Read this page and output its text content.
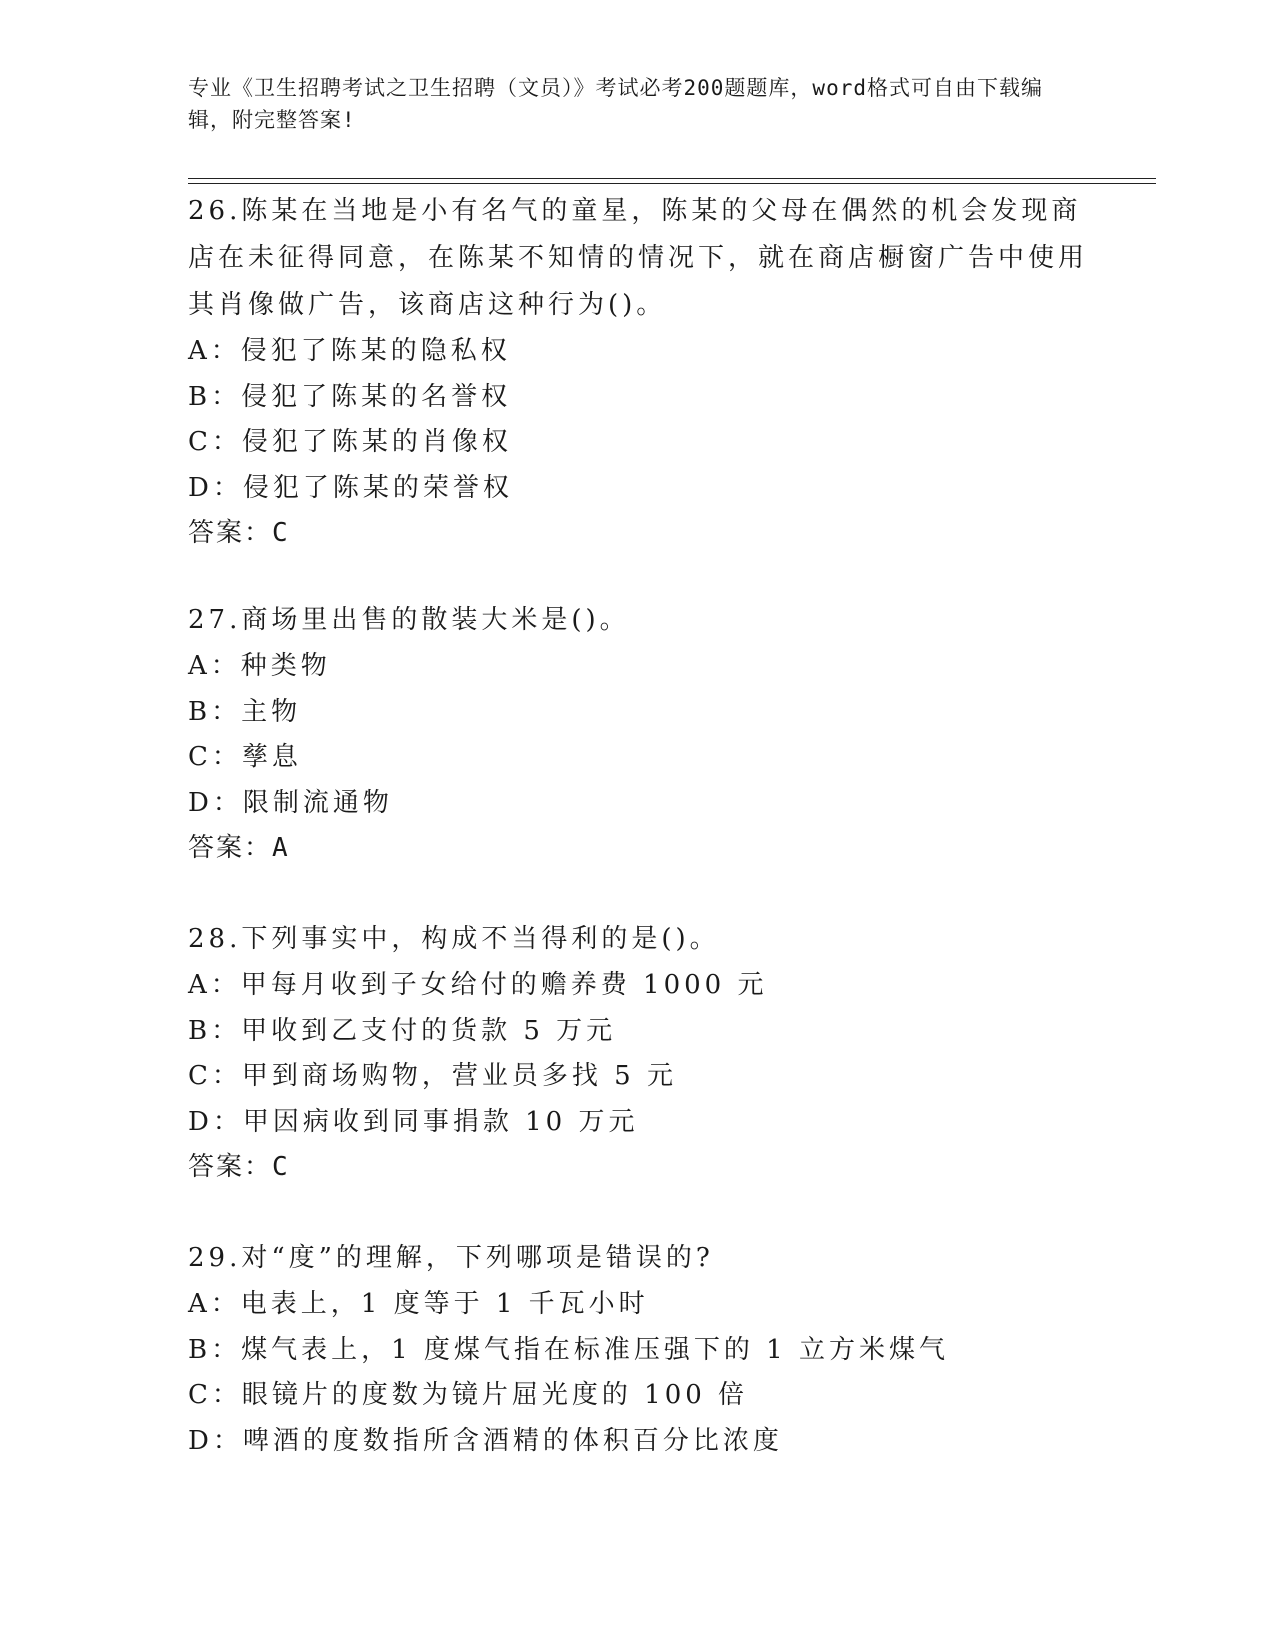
专业《卫生招聘考试之卫生招聘（文员）》考试必考200题题库，word格式可自由下载编辑，附完整答案!

26.陈某在当地是小有名气的童星，陈某的父母在偶然的机会发现商店在未征得同意，在陈某不知情的情况下，就在商店橱窗广告中使用其肖像做广告，该商店这种行为()。

A：侵犯了陈某的隐私权

B：侵犯了陈某的名誉权

C：侵犯了陈某的肖像权

D：侵犯了陈某的荣誉权

答案：C

27.商场里出售的散装大米是()。

A：种类物

B：主物

C：孳息

D：限制流通物

答案：A

28.下列事实中，构成不当得利的是()。

A：甲每月收到子女给付的赡养费 1000 元

B：甲收到乙支付的货款 5 万元

C：甲到商场购物，营业员多找 5 元

D：甲因病收到同事捐款 10 万元

答案：C

29.对“度”的理解，下列哪项是错误的?

A：电表上，1 度等于 1 千瓦小时

B：煤气表上，1 度煤气指在标准压强下的 1 立方米煤气

C：眼镜片的度数为镜片屈光度的 100 倍

D：啤酒的度数指所含酒精的体积百分比浓度
